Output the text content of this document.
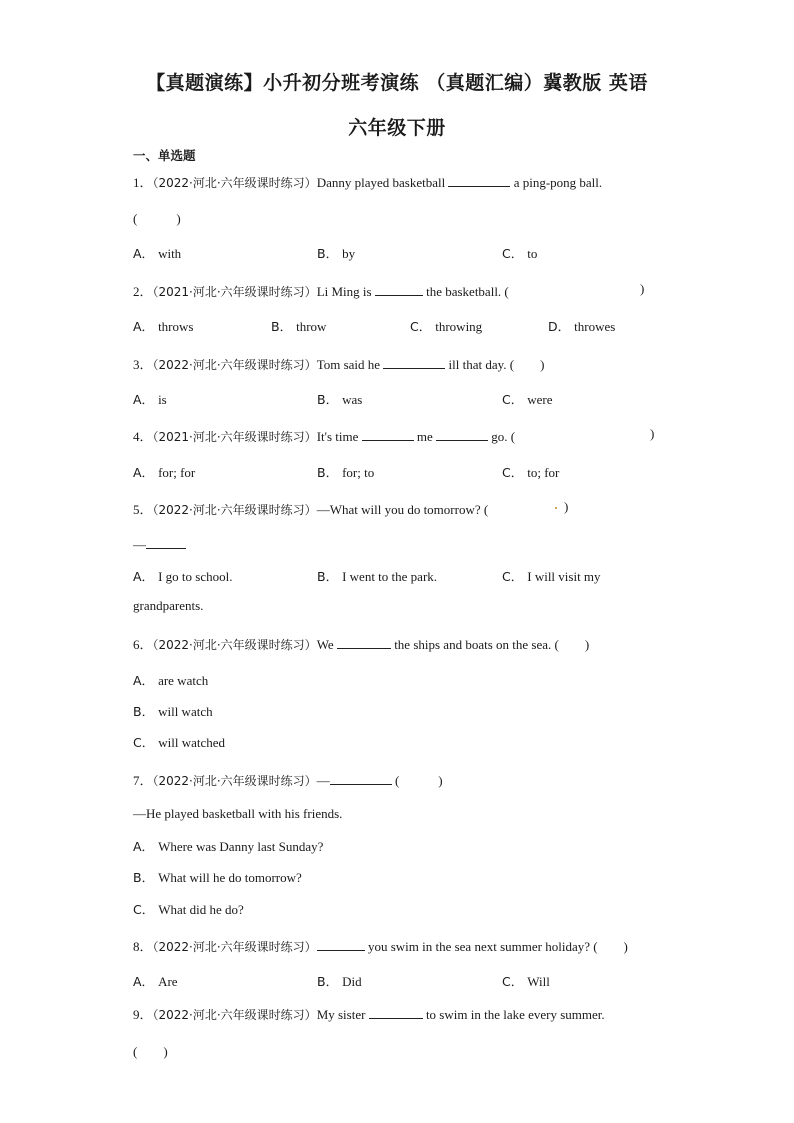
【真题演练】小升初分班考演练 （真题汇编）冀教版 英语
六年级下册
一、单选题
1．（2022·河北·六年级课时练习）Danny played basketball	a ping-pong ball.
(　　　)
A． with	B． by	C． to
2．（2021·河北·六年级课时练习）Li Ming is	the basketball. (	)
A． throws	B． throw	C． throwing	D． throwes
3．（2022·河北·六年级课时练习）Tom said he	ill that day. (　　)
A． is	B． was	C． were
4．（2021·河北·六年级课时练习）It's time	me	go. (	)
A． for; for	B． for; to	C． to; for
5．（2022·河北·六年级课时练习）—What will you do tomorrow? (	)
—
A． I go to school.	B． I went to the park.	C． I will visit my
grandparents.
6．（2022·河北·六年级课时练习）We	the ships and boats on the sea. (　　)
A． are watch
B． will watch
C． will watched
7．（2022·河北·六年级课时练习）—	(　　　)
—He played basketball with his friends.
A． Where was Danny last Sunday?
B． What will he do tomorrow?
C． What did he do?
8．（2022·河北·六年级课时练习）	you swim in the sea next summer holiday? (　　)
A． Are	B． Did	C． Will
9．（2022·河北·六年级课时练习）My sister	to swim in the lake every summer.
(　　)
